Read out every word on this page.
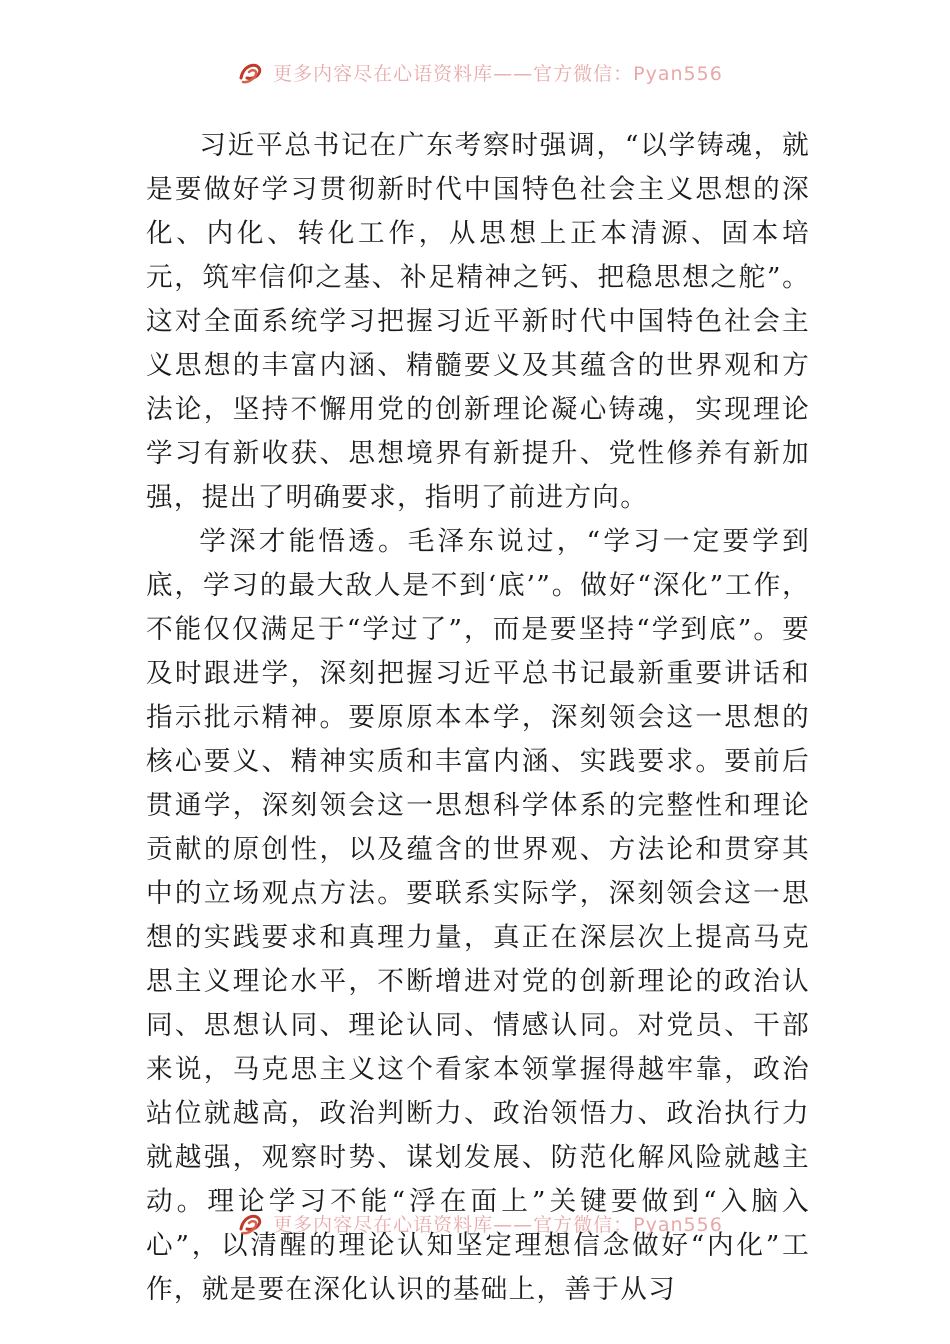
更多内容尽在心语资料库——官方微信：Pyan556

习近平总书记在广东考察时强调，“以学铸魂，就是要做好学习贯彻新时代中国特色社会主义思想的深化、内化、转化工作，从思想上正本清源、固本培元，筑牢信仰之基、补足精神之钙、把稳思想之舵”。这对全面系统学习把握习近平新时代中国特色社会主义思想的丰富内涵、精髓要义及其蕴含的世界观和方法论，坚持不懈用党的创新理论凝心铸魂，实现理论学习有新收获、思想境界有新提升、党性修养有新加强，提出了明确要求，指明了前进方向。

学深才能悟透。毛泽东说过，“学习一定要学到底，学习的最大敌人是不到‘底’”。做好“深化”工作，不能仅仅满足于“学过了”，而是要坚持“学到底”。要及时跟进学，深刻把握习近平总书记最新重要讲话和指示批示精神。要原原本本学，深刻领会这一思想的核心要义、精神实质和丰富内涵、实践要求。要前后贯通学，深刻领会这一思想科学体系的完整性和理论贡献的原创性，以及蕴含的世界观、方法论和贯穿其中的立场观点方法。要联系实际学，深刻领会这一思想的实践要求和真理力量，真正在深层次上提高马克思主义理论水平，不断增进对党的创新理论的政治认同、思想认同、理论认同、情感认同。对党员、干部来说，马克思主义这个看家本领掌握得越牢靠，政治站位就越高，政治判断力、政治领悟力、政治执行力就越强，观察时势、谋划发展、防范化解风险就越主动。理论学习不能“浮在面上”关键要做到“入脑入心”，以清醒的理论认知坚定理想信念做好“内化”工作，就是要在深化认识的基础上，善于从习

更多内容尽在心语资料库——官方微信：Pyan556
